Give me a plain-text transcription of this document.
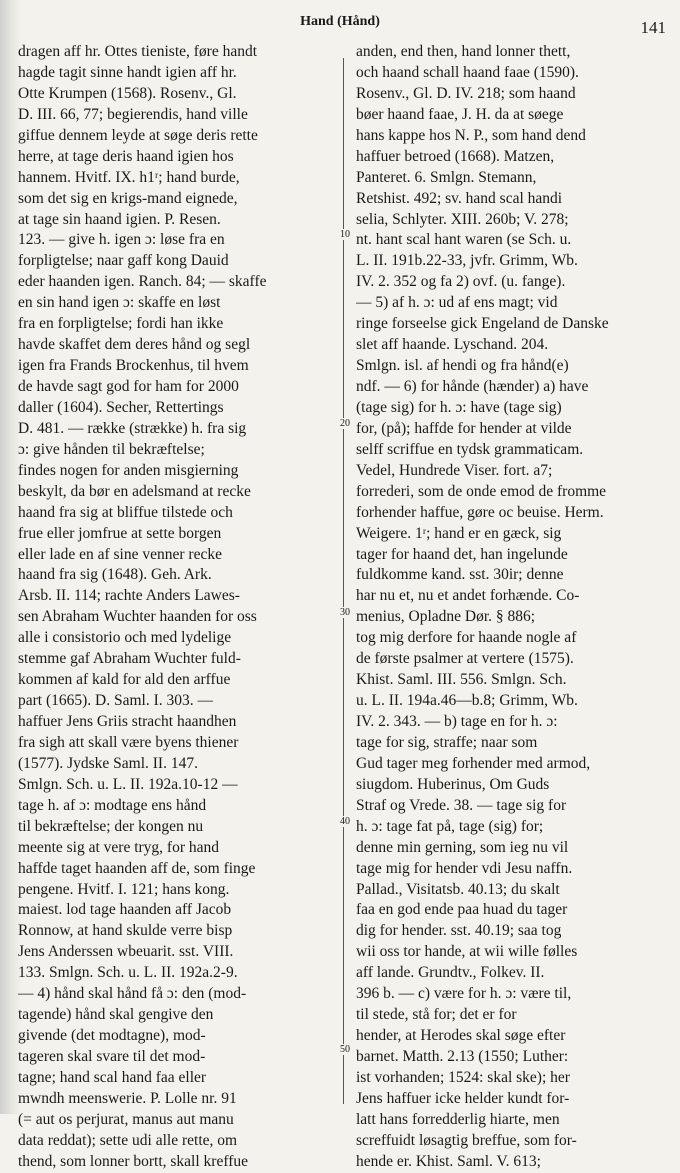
Hand (Hånd)	141
dragen aff hr. Ottes tieniste, føre handt
hagde tagit sinne handt igien aff hr.
Otte Krumpen (1568). Rosenv., Gl.
D. III. 66, 77; begierendis, hand ville
giffue dennem leyde at søge deris rette
herre, at tage deris haand igien hos
hannem. Hvitf. IX. h1ʳ; hand burde,
som det sig en krigs-mand eignede,
at tage sin haand igien. P. Resen.
123. — give h. igen ɔ: løse fra en
forpligtelse; naar gaff kong Dauid
eder haanden igen. Ranch. 84; — skaffe
en sin hand igen ɔ: skaffe en løst
fra en forpligtelse; fordi han ikke
havde skaffet dem deres hånd og segl
igen fra Frands Brockenhus, til hvem
de havde sagt god for ham for 2000
daller (1604). Secher, Rettertings
D. 481. — række (strække) h. fra sig
ɔ: give hånden til bekræftelse;
findes nogen for anden misgierning
beskylt, da bør en adelsmand at recke
haand fra sig at bliffue tilstede och
frue eller jomfrue at sette borgen
eller lade en af sine venner recke
haand fra sig (1648). Geh. Ark.
Arsb. II. 114; rachte Anders Lawes-
sen Abraham Wuchter haanden for oss
alle i consistorio och med lydelige
stemme gaf Abraham Wuchter fuld-
kommen af kald for ald den arffue
part (1665). D. Saml. I. 303. —
haffuer Jens Griis stracht haandhen
fra sigh att skall være byens thiener
(1577). Jydske Saml. II. 147.
Smlgn. Sch. u. L. II. 192a.10-12 —
tage h. af ɔ: modtage ens hånd
til bekræftelse; der kongen nu
meente sig at vere tryg, for hand
haffde taget haanden aff de, som finge
pengene. Hvitf. I. 121; hans kong.
maiest. lod tage haanden aff Jacob
Ronnow, at hand skulde verre bisp
Jens Anderssen wbeuarit. sst. VIII.
133. Smlgn. Sch. u. L. II. 192a.2-9.
— 4) hånd skal hånd få ɔ: den (mod-
tagende) hånd skal gengive den
givende (det modtagne), mod-
tageren skal svare til det mod-
tagne; hand scal hand faa eller
mwndh meenswerie. P. Lolle nr. 91
(= aut os perjurat, manus aut manu
data reddat); sette udi alle rette, om
thend, som lonner bortt, skall kreffue
anden, end then, hand lonner thett,
och haand schall haand faae (1590).
Rosenv., Gl. D. IV. 218; som haand
bøer haand faae, J. H. da at søege
hans kappe hos N. P., som hand dend
haffuer betroed (1668). Matzen,
Panteret. 6. Smlgn. Stemann,
Retshist. 492; sv. hand scal handi
selia, Schlyter. XIII. 260b; V. 278;
nt. hant scal hant waren (se Sch. u.
L. II. 191b.22-33, jvfr. Grimm, Wb.
IV. 2. 352 og fa 2) ovf. (u. fange).
— 5) af h. ɔ: ud af ens magt; vid
ringe forseelse gick Engeland de Danske
slet aff haande. Lyschand. 204.
Smlgn. isl. af hendi og fra hånd(e)
ndf. — 6) for hånde (hænder) a) have
(tage sig) for h. ɔ: have (tage sig)
for, (på); haffde for hender at vilde
selff scriffue en tydsk grammaticam.
Vedel, Hundrede Viser. fort. a7;
forrederi, som de onde emod de fromme
forhender haffue, gøre oc beuise. Herm.
Weigere. 1ʳ; hand er en gæck, sig
tager for haand det, han ingelunde
fuldkomme kand. sst. 30ir; denne
har nu et, nu et andet forhænde. Co-
menius, Opladne Dør. § 886;
tog mig derfore for haande nogle af
de første psalmer at vertere (1575).
Khist. Saml. III. 556. Smlgn. Sch.
u. L. II. 194a.46—b.8; Grimm, Wb.
IV. 2. 343. — b) tage en for h. ɔ:
tage for sig, straffe; naar som
Gud tager meg forhender med armod,
siugdom. Huberinus, Om Guds
Straf og Vrede. 38. — tage sig for
h. ɔ: tage fat på, tage (sig) for;
denne min gerning, som ieg nu vil
tage mig for hender vdi Jesu naffn.
Pallad., Visitatsb. 40.13; du skalt
faa en god ende paa huad du tager
dig for hender. sst. 40.19; saa tog
wii oss tor hande, at wii wille følles
aff lande. Grundtv., Folkev. II.
396 b. — c) være for h. ɔ: være til,
til stede, stå for; det er for
hender, at Herodes skal søge efter
barnet. Matth. 2.13 (1550; Luther:
ist vorhanden; 1524: skal ske); her
Jens haffuer icke helder kundt for-
latt hans forredderlig hiarte, men
screffuidt løsagtig breffue, som for-
hende er. Khist. Saml. V. 613;
10
20
30
40
50
